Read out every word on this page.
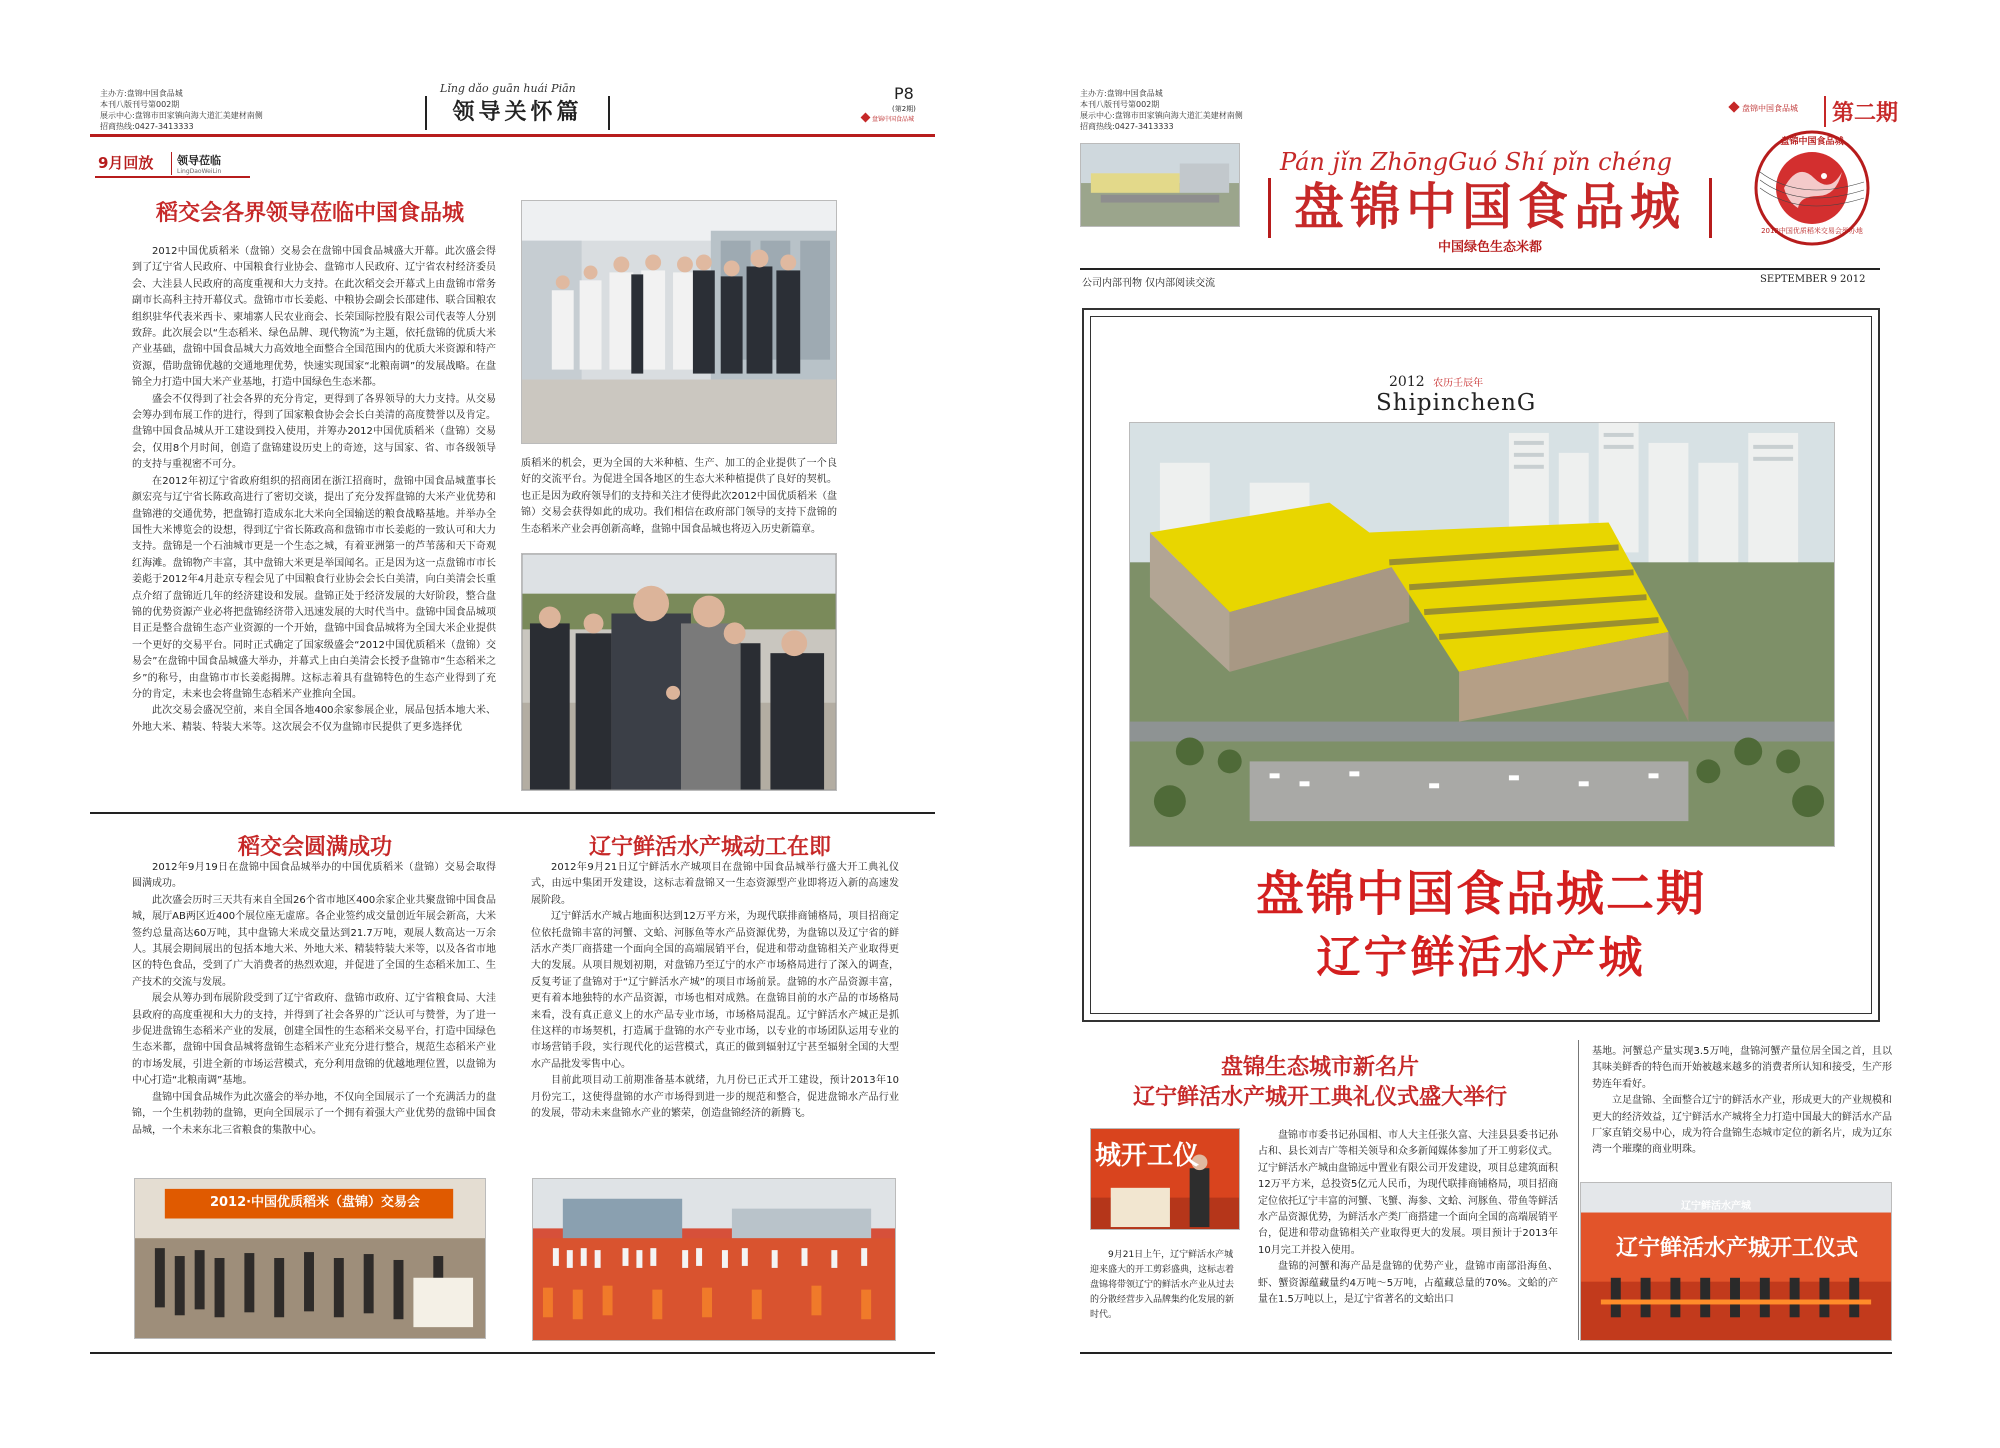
主办方:盘锦中国食品城
本刊八版刊号第002期
展示中心:盘锦市田家镇向海大道汇美建材南侧
招商热线:0427-3413333
Lǐng dǎo guān huái Piān
领导关怀篇
P8
(第2期)
盘锦中国食品城
9月回放 领导莅临
LingDaoWeiLin
稻交会各界领导莅临中国食品城

2012中国优质稻米（盘锦）交易会在盘锦中国食品城盛大开幕。此次盛会得到了辽宁省人民政府、中国粮食行业协会、盘锦市人民政府、辽宁省农村经济委员会、大洼县人民政府的高度重视和大力支持。在此次稻交会开幕式上由盘锦市常务副市长高科主持开幕仪式。盘锦市市长姜彪、中粮协会副会长邵建伟、联合国粮农组织驻华代表米西卡、柬埔寨人民农业商会、长荣国际控股有限公司代表等人分别致辞。此次展会以“生态稻米、绿色品牌、现代物流”为主题，依托盘锦的优质大米产业基础，盘锦中国食品城大力高效地全面整合全国范围内的优质大米资源和特产资源，借助盘锦优越的交通地理优势，快速实现国家“北粮南调”的发展战略。在盘锦全力打造中国大米产业基地，打造中国绿色生态米都。

盛会不仅得到了社会各界的充分肯定，更得到了各界领导的大力支持。从交易会筹办到布展工作的进行，得到了国家粮食协会会长白美清的高度赞誉以及肯定。盘锦中国食品城从开工建设到投入使用，并筹办2012中国优质稻米（盘锦）交易会，仅用8个月时间，创造了盘锦建设历史上的奇迹，这与国家、省、市各级领导的支持与重视密不可分。

在2012年初辽宁省政府组织的招商团在浙江招商时，盘锦中国食品城董事长颜宏亮与辽宁省长陈政高进行了密切交谈，提出了充分发挥盘锦的大米产业优势和盘锦港的交通优势，把盘锦打造成东北大米向全国输送的粮食战略基地。并举办全国性大米博览会的设想，得到辽宁省长陈政高和盘锦市市长姜彪的一致认可和大力支持。盘锦是一个石油城市更是一个生态之城，有着亚洲第一的芦苇荡和天下奇观红海滩。盘锦物产丰富，其中盘锦大米更是举国闻名。正是因为这一点盘锦市市长姜彪于2012年4月赴京专程会见了中国粮食行业协会会长白美清，向白美清会长重点介绍了盘锦近几年的经济建设和发展。盘锦正处于经济发展的大好阶段，整合盘锦的优势资源产业必将把盘锦经济带入迅速发展的大时代当中。盘锦中国食品城项目正是整合盘锦生态产业资源的一个开始，盘锦中国食品城将为全国大米企业提供一个更好的交易平台。同时正式确定了国家级盛会“2012中国优质稻米（盘锦）交易会”在盘锦中国食品城盛大举办，并幕式上由白美清会长授予盘锦市“生态稻米之乡”的称号，由盘锦市市长姜彪揭牌。这标志着具有盘锦特色的生态产业得到了充分的肯定，未来也会将盘锦生态稻米产业推向全国。

此次交易会盛况空前，来自全国各地400余家参展企业，展品包括本地大米、外地大米、精装、特装大米等。这次展会不仅为盘锦市民提供了更多选择优

质稻米的机会，更为全国的大米种植、生产、加工的企业提供了一个良好的交流平台。为促进全国各地区的生态大米种植提供了良好的契机。也正是因为政府领导们的支持和关注才使得此次2012中国优质稻米（盘锦）交易会获得如此的成功。我们相信在政府部门领导的支持下盘锦的生态稻米产业会再创新高峰，盘锦中国食品城也将迈入历史新篇章。

稻交会圆满成功

2012年9月19日在盘锦中国食品城举办的中国优质稻米（盘锦）交易会取得圆满成功。

此次盛会历时三天共有来自全国26个省市地区400余家企业共聚盘锦中国食品城，展厅AB两区近400个展位座无虚席。各企业签约成交量创近年展会新高，大米签约总量高达60万吨，其中盘锦大米成交量达到21.7万吨，观展人数高达一万余人。其展会期间展出的包括本地大米、外地大米、精装特装大米等，以及各省市地区的特色食品，受到了广大消费者的热烈欢迎，并促进了全国的生态稻米加工、生产技术的交流与发展。

展会从筹办到布展阶段受到了辽宁省政府、盘锦市政府、辽宁省粮食局、大洼县政府的高度重视和大力的支持，并得到了社会各界的广泛认可与赞誉，为了进一步促进盘锦生态稻米产业的发展，创建全国性的生态稻米交易平台，打造中国绿色生态米都，盘锦中国食品城将盘锦生态稻米产业充分进行整合，规范生态稻米产业的市场发展，引进全新的市场运营模式，充分利用盘锦的优越地理位置，以盘锦为中心打造“北粮南调”基地。

盘锦中国食品城作为此次盛会的举办地，不仅向全国展示了一个充满活力的盘锦，一个生机勃勃的盘锦，更向全国展示了一个拥有着强大产业优势的盘锦中国食品城，一个未来东北三省粮食的集散中心。

2012·中国优质稻米（盘锦）交易会
辽宁鲜活水产城动工在即

2012年9月21日辽宁鲜活水产城项目在盘锦中国食品城举行盛大开工典礼仪式，由远中集团开发建设，这标志着盘锦又一生态资源型产业即将迈入新的高速发展阶段。

辽宁鲜活水产城占地面积达到12万平方米，为现代联排商铺格局，项目招商定位依托盘锦丰富的河蟹、文蛤、河豚鱼等水产品资源优势，为盘锦以及辽宁省的鲜活水产类厂商搭建一个面向全国的高端展销平台，促进和带动盘锦相关产业取得更大的发展。从项目规划初期，对盘锦乃至辽宁的水产市场格局进行了深入的调查，反复考证了盘锦对于“辽宁鲜活水产城”的项目市场前景。盘锦的水产品资源丰富，更有着本地独特的水产品资源，市场也相对成熟。在盘锦目前的水产品的市场格局来看，没有真正意义上的水产品专业市场，市场格局混乱。辽宁鲜活水产城正是抓住这样的市场契机，打造属于盘锦的水产专业市场，以专业的市场团队运用专业的市场营销手段，实行现代化的运营模式，真正的做到辐射辽宁甚至辐射全国的大型水产品批发零售中心。

目前此项目动工前期准备基本就绪，九月份已正式开工建设，预计2013年10月份完工，这使得盘锦的水产市场得到进一步的规范和整合，促进盘锦水产品行业的发展，带动未来盘锦水产业的繁荣，创造盘锦经济的新腾飞。

主办方:盘锦中国食品城
本刊八版刊号第002期
展示中心:盘锦市田家镇向海大道汇美建材南侧
招商热线:0427-3413333
盘锦中国食品城	第二期
Pán jǐn ZhōngGuó Shí pǐn chéng
盘锦中国食品城
中国绿色生态米都
盘锦中国食品城
2012中国优质稻米交易会举办地
公司内部刊物 仅内部阅读交流	SEPTEMBER 9 2012
2012 农历壬辰年
ShipinchenG
盘锦中国食品城二期
辽宁鲜活水产城
盘锦生态城市新名片
辽宁鲜活水产城开工典礼仪式盛大举行
城开工仪
9月21日上午，辽宁鲜活水产城迎来盛大的开工剪彩盛典，这标志着盘锦将带领辽宁的鲜活水产业从过去的分散经营步入品牌集约化发展的新时代。

盘锦市市委书记孙国相、市人大主任张久富、大洼县县委书记孙占和、县长刘吉广等相关领导和众多新闻媒体参加了开工剪彩仪式。辽宁鲜活水产城由盘锦远中置业有限公司开发建设，项目总建筑面积12万平方米，总投资5亿元人民币，为现代联排商铺格局，项目招商定位依托辽宁丰富的河蟹、飞蟹、海参、文蛤、河豚鱼、带鱼等鲜活水产品资源优势，为鲜活水产类厂商搭建一个面向全国的高端展销平台，促进和带动盘锦相关产业取得更大的发展。项目预计于2013年10月完工并投入使用。

盘锦的河蟹和海产品是盘锦的优势产业，盘锦市南部沿海鱼、虾、蟹资源蕴藏量约4万吨～5万吨，占蕴藏总量的70%。文蛤的产量在1.5万吨以上，是辽宁省著名的文蛤出口

基地。河蟹总产量实现3.5万吨，盘锦河蟹产量位居全国之首，且以其味美鲜香的特色而开始被越来越多的消费者所认知和接受，生产形势连年看好。

立足盘锦、全面整合辽宁的鲜活水产业，形成更大的产业规模和更大的经济效益，辽宁鲜活水产城将全力打造中国最大的鲜活水产品厂家直销交易中心，成为符合盘锦生态城市定位的新名片，成为辽东湾一个璀璨的商业明珠。

辽宁鲜活水产城
辽宁鲜活水产城开工仪式
